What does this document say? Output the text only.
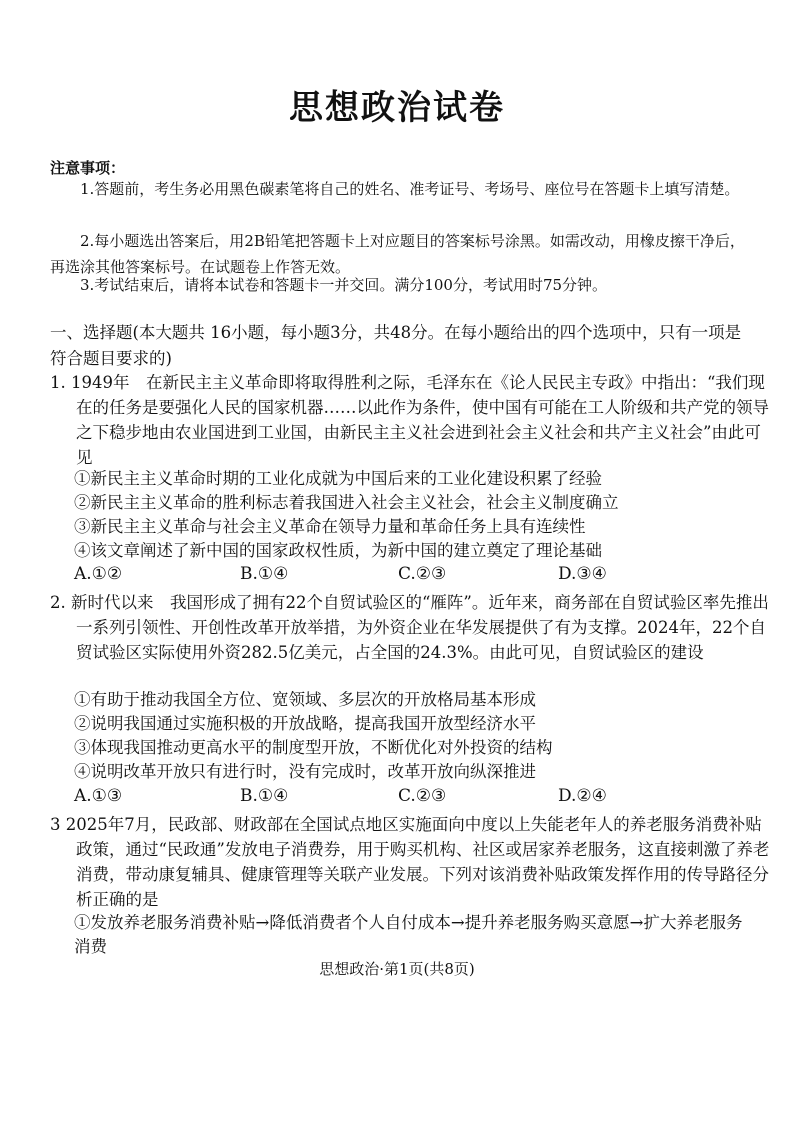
思想政治试卷
注意事项：
1.答题前，考生务必用黑色碳素笔将自己的姓名、准考证号、考场号、座位号在答题卡上填写清楚。
2.每小题选出答案后，用2B铅笔把答题卡上对应题目的答案标号涂黑。如需改动，用橡皮擦干净后，再选涂其他答案标号。在试题卷上作答无效。
3.考试结束后，请将本试卷和答题卡一并交回。满分100分，考试用时75分钟。
一、选择题(本大题共 16小题，每小题3分，共48分。在每小题给出的四个选项中，只有一项是符合题目要求的)
1. 1949年　在新民主主义革命即将取得胜利之际，毛泽东在《论人民民主专政》中指出：“我们现在的任务是要强化人民的国家机器……以此作为条件，使中国有可能在工人阶级和共产党的领导之下稳步地由农业国进到工业国，由新民主主义社会进到社会主义社会和共产主义社会”由此可见
①新民主主义革命时期的工业化成就为中国后来的工业化建设积累了经验
②新民主主义革命的胜利标志着我国进入社会主义社会，社会主义制度确立
③新民主主义革命与社会主义革命在领导力量和革命任务上具有连续性
④该文章阐述了新中国的国家政权性质，为新中国的建立奠定了理论基础
A.①②	B.①④	C.②③	D.③④
2. 新时代以来　我国形成了拥有22个自贸试验区的“雁阵”。近年来，商务部在自贸试验区率先推出一系列引领性、开创性改革开放举措，为外资企业在华发展提供了有为支撑。2024年，22个自贸试验区实际使用外资282.5亿美元，占全国的24.3%。由此可见，自贸试验区的建设
①有助于推动我国全方位、宽领域、多层次的开放格局基本形成
②说明我国通过实施积极的开放战略，提高我国开放型经济水平
③体现我国推动更高水平的制度型开放，不断优化对外投资的结构
④说明改革开放只有进行时，没有完成时，改革开放向纵深推进
A.①③	B.①④	C.②③	D.②④
3 2025年7月，民政部、财政部在全国试点地区实施面向中度以上失能老年人的养老服务消费补贴政策，通过“民政通”发放电子消费券，用于购买机构、社区或居家养老服务，这直接刺激了养老消费，带动康复辅具、健康管理等关联产业发展。下列对该消费补贴政策发挥作用的传导路径分析正确的是
①发放养老服务消费补贴→降低消费者个人自付成本→提升养老服务购买意愿→扩大养老服务消费
思想政治·第1页(共8页)
